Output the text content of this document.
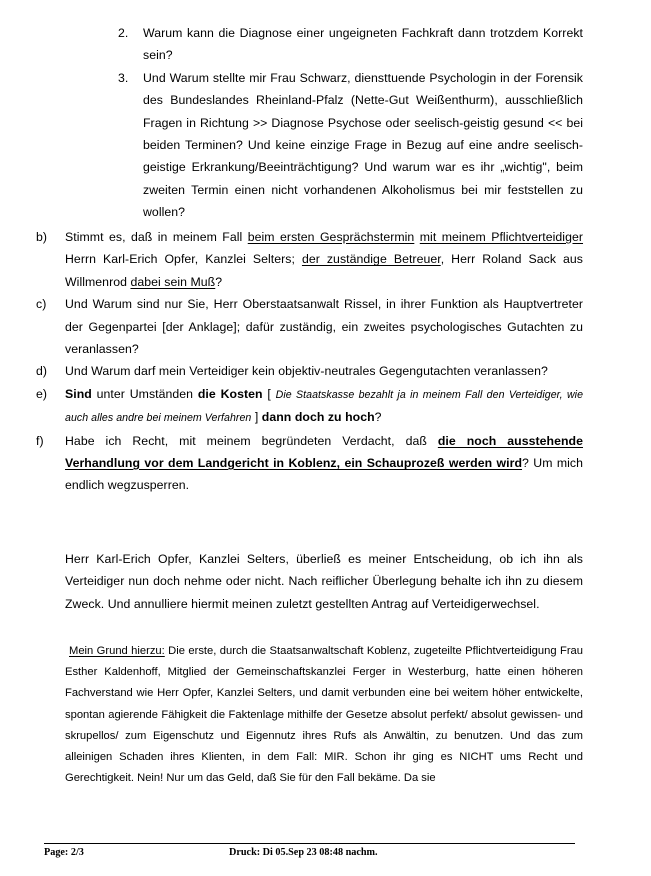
2.	Warum kann die Diagnose einer ungeigneten Fachkraft dann trotzdem Korrekt sein?
3.	Und Warum stellte mir Frau Schwarz, diensttuende Psychologin in der Forensik des Bundeslandes Rheinland-Pfalz (Nette-Gut Weißenthurm), ausschließlich Fragen in Richtung >> Diagnose Psychose oder seelisch-geistig gesund << bei beiden Terminen? Und keine einzige Frage in Bezug auf eine andre seelisch-geistige Erkrankung/Beeinträchtigung? Und warum war es ihr „wichtig", beim zweiten Termin einen nicht vorhandenen Alkoholismus bei mir feststellen zu wollen?
b)	Stimmt es, daß in meinem Fall beim ersten Gesprächstermin mit meinem Pflichtverteidiger Herrn Karl-Erich Opfer, Kanzlei Selters; der zuständige Betreuer, Herr Roland Sack aus Willmenrod dabei sein Muß?
c)	Und Warum sind nur Sie, Herr Oberstaatsanwalt Rissel, in ihrer Funktion als Hauptvertreter der Gegenpartei [der Anklage]; dafür zuständig, ein zweites psychologisches Gutachten zu veranlassen?
d)	Und Warum darf mein Verteidiger kein objektiv-neutrales Gegengutachten veranlassen?
e)	Sind unter Umständen die Kosten [ Die Staatskasse bezahlt ja in meinem Fall den Verteidiger, wie auch alles andre bei meinem Verfahren ] dann doch zu hoch?
f)	Habe ich Recht, mit meinem begründeten Verdacht, daß die noch ausstehende Verhandlung vor dem Landgericht in Koblenz, ein Schauprozeß werden wird? Um mich endlich wegzusperren.

Herr Karl-Erich Opfer, Kanzlei Selters, überließ es meiner Entscheidung, ob ich ihn als Verteidiger nun doch nehme oder nicht. Nach reiflicher Überlegung behalte ich ihn zu diesem Zweck. Und annulliere hiermit meinen zuletzt gestellten Antrag auf Verteidigerwechsel.

Mein Grund hierzu: Die erste, durch die Staatsanwaltschaft Koblenz, zugeteilte Pflichtverteidigung Frau Esther Kaldenhoff, Mitglied der Gemeinschaftskanzlei Ferger in Westerburg, hatte einen höheren Fachverstand wie Herr Opfer, Kanzlei Selters, und damit verbunden eine bei weitem höher entwickelte, spontan agierende Fähigkeit die Faktenlage mithilfe der Gesetze absolut perfekt/ absolut gewissen- und skrupellos/ zum Eigenschutz und Eigennutz ihres Rufs als Anwältin, zu benutzen. Und das zum alleinigen Schaden ihres Klienten, in dem Fall: MIR. Schon ihr ging es NICHT ums Recht und Gerechtigkeit. Nein! Nur um das Geld, daß Sie für den Fall bekäme. Da sie

Page: 2/3	Druck: Di 05.Sep 23 08:48 nachm.
